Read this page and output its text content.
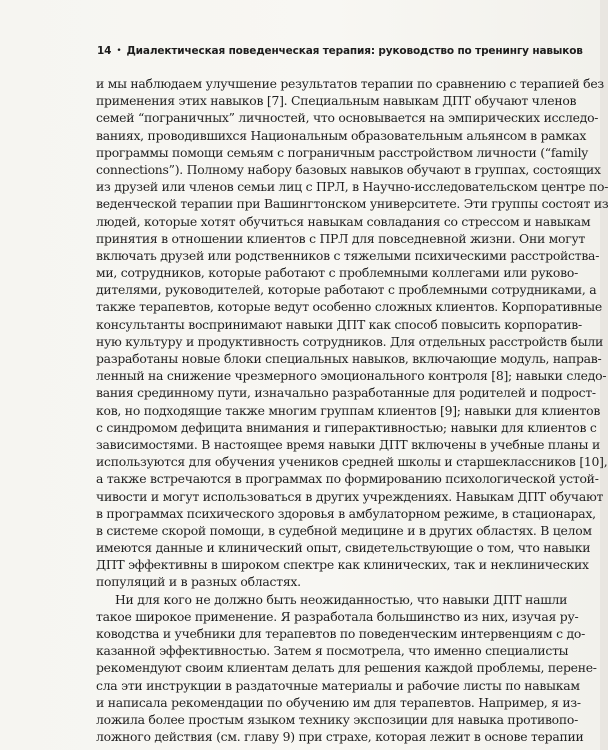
14 • Диалектическая поведенческая терапия: руководство по тренингу навыков
и мы наблюдаем улучшение результатов терапии по сравнению с терапией без
применения этих навыков [7]. Специальным навыкам ДПТ обучают членов
семей “пограничных” личностей, что основывается на эмпирических исследо-
ваниях, проводившихся Национальным образовательным альянсом в рамках
программы помощи семьям с пограничным расстройством личности (“family
connections”). Полному набору базовых навыков обучают в группах, состоящих
из друзей или членов семьи лиц с ПРЛ, в Научно-исследовательском центре по-
веденческой терапии при Вашингтонском университете. Эти группы состоят из
людей, которые хотят обучиться навыкам совладания со стрессом и навыкам
принятия в отношении клиентов с ПРЛ для повседневной жизни. Они могут
включать друзей или родственников с тяжелыми психическими расстройства-
ми, сотрудников, которые работают с проблемными коллегами или руково-
дителями, руководителей, которые работают с проблемными сотрудниками, а
также терапевтов, которые ведут особенно сложных клиентов. Корпоративные
консультанты воспринимают навыки ДПТ как способ повысить корпоратив-
ную культуру и продуктивность сотрудников. Для отдельных расстройств были
разработаны новые блоки специальных навыков, включающие модуль, направ-
ленный на снижение чрезмерного эмоционального контроля [8]; навыки следо-
вания срединному пути, изначально разработанные для родителей и подрост-
ков, но подходящие также многим группам клиентов [9]; навыки для клиентов
с синдромом дефицита внимания и гиперактивностью; навыки для клиентов с
зависимостями. В настоящее время навыки ДПТ включены в учебные планы и
используются для обучения учеников средней школы и старшеклассников [10],
а также встречаются в программах по формированию психологической устой-
чивости и могут использоваться в других учреждениях. Навыкам ДПТ обучают
в программах психического здоровья в амбулаторном режиме, в стационарах,
в системе скорой помощи, в судебной медицине и в других областях. В целом
имеются данные и клинический опыт, свидетельствующие о том, что навыки
ДПТ эффективны в широком спектре как клинических, так и неклинических
популяций и в разных областях.
Ни для кого не должно быть неожиданностью, что навыки ДПТ нашли
такое широкое применение. Я разработала большинство из них, изучая ру-
ководства и учебники для терапевтов по поведенческим интервенциям с до-
казанной эффективностью. Затем я посмотрела, что именно специалисты
рекомендуют своим клиентам делать для решения каждой проблемы, перене-
сла эти инструкции в раздаточные материалы и рабочие листы по навыкам
и написала рекомендации по обучению им для терапевтов. Например, я из-
ложила более простым языком технику экспозиции для навыка противопо-
ложного действия (см. главу 9) при страхе, которая лежит в основе терапии
